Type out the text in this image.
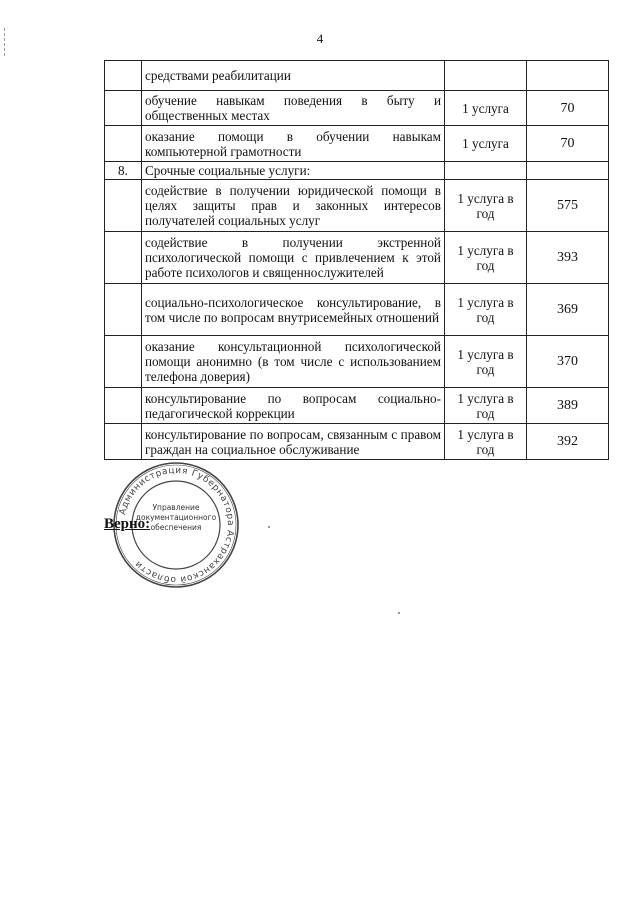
4
	средствами реабилитации		
	обучение навыкам поведения в быту и общественных местах	1 услуга	70
	оказание помощи в обучении навыкам компьютерной грамотности	1 услуга	70
8.	Срочные социальные услуги:		
	содействие в получении юридической помощи в целях защиты прав и законных интересов получателей социальных услуг	1 услуга в год	575
	содействие в получении экстренной психологической помощи с привлечением к этой работе психологов и священнослужителей	1 услуга в год	393
	социально-психологическое консультирование, в том числе по вопросам внутрисемейных отношений	1 услуга в год	369
	оказание консультационной психологической помощи анонимно (в том числе с использованием телефона доверия)	1 услуга в год	370
	консультирование по вопросам социально-педагогической коррекции	1 услуга в год	389
	консультирование по вопросам, связанным с правом граждан на социальное обслуживание	1 услуга в год	392
Администрация Губернатора Астраханской области
Управление документационного обеспечения
Верно:
